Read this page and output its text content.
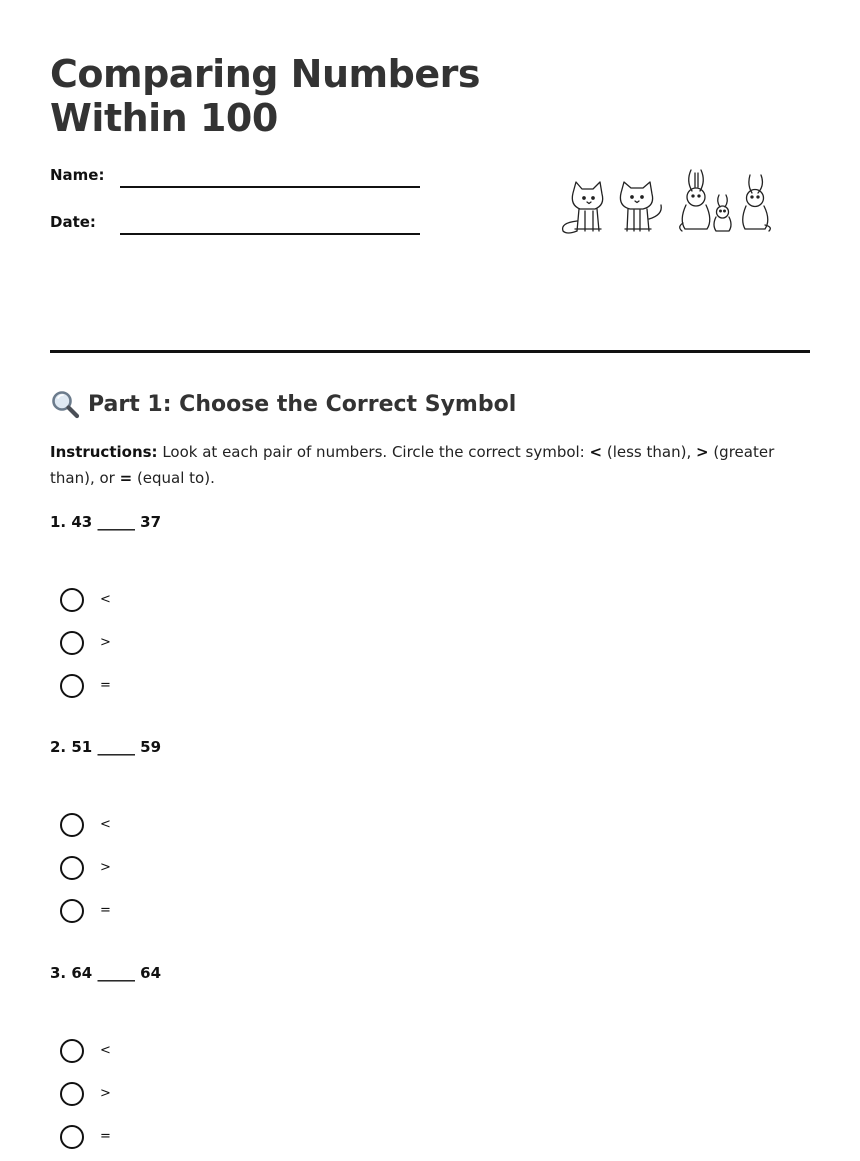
Comparing Numbers
Within 100
Name:
Date:
Part 1: Choose the Correct Symbol

Instructions: Look at each pair of numbers. Circle the correct symbol: < (less than), > (greater than), or = (equal to).

1. 43 _____ 37
<
>
=
2. 51 _____ 59
<
>
=
3. 64 _____ 64
<
>
=
